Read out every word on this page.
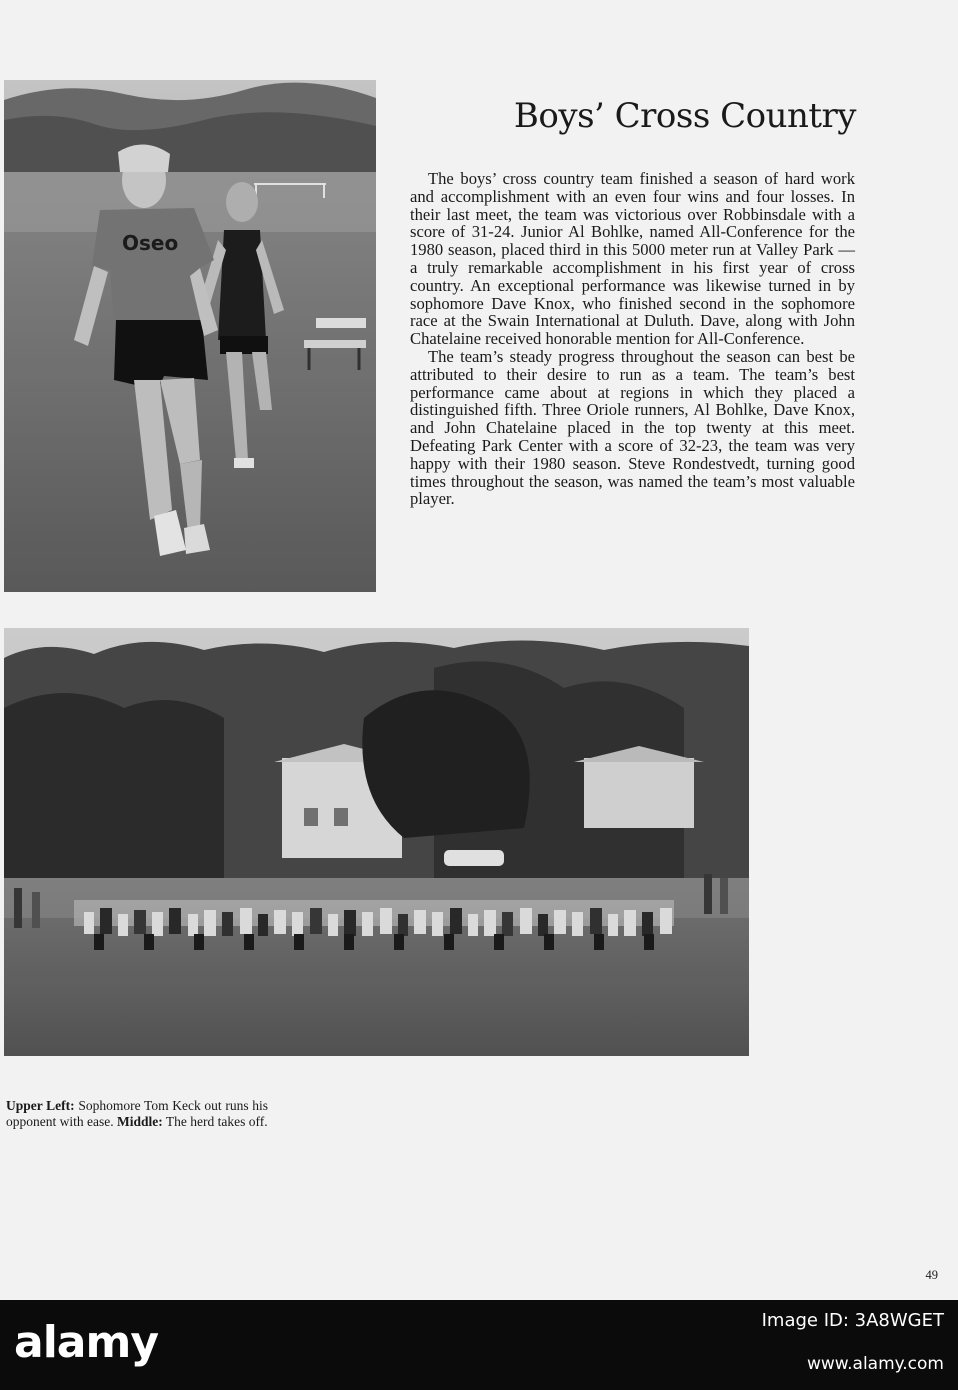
Oseo
Boys’ Cross Country

The boys’ cross country team finished a season of hard work and accomplishment with an even four wins and four losses. In their last meet, the team was victorious over Robbinsdale with a score of 31-24. Junior Al Bohlke, named All-Conference for the 1980 season, placed third in this 5000 meter run at Valley Park — a truly remarkable accomplishment in his first year of cross country. An exceptional performance was likewise turned in by sophomore Dave Knox, who finished second in the sophomore race at the Swain International at Duluth. Dave, along with John Chatelaine received honorable mention for All-Conference.

The team’s steady progress throughout the season can best be attributed to their desire to run as a team. The team’s best performance came about at regions in which they placed a distinguished fifth. Three Oriole runners, Al Bohlke, Dave Knox, and John Chatelaine placed in the top twenty at this meet. Defeating Park Center with a score of 32-23, the team was very happy with their 1980 season. Steve Rondestvedt, turning good times throughout the season, was named the team’s most valuable player.

Upper Left: Sophomore Tom Keck out runs his opponent with ease. Middle: The herd takes off.
49
alamy	Image ID: 3A8WGET
www.alamy.com
